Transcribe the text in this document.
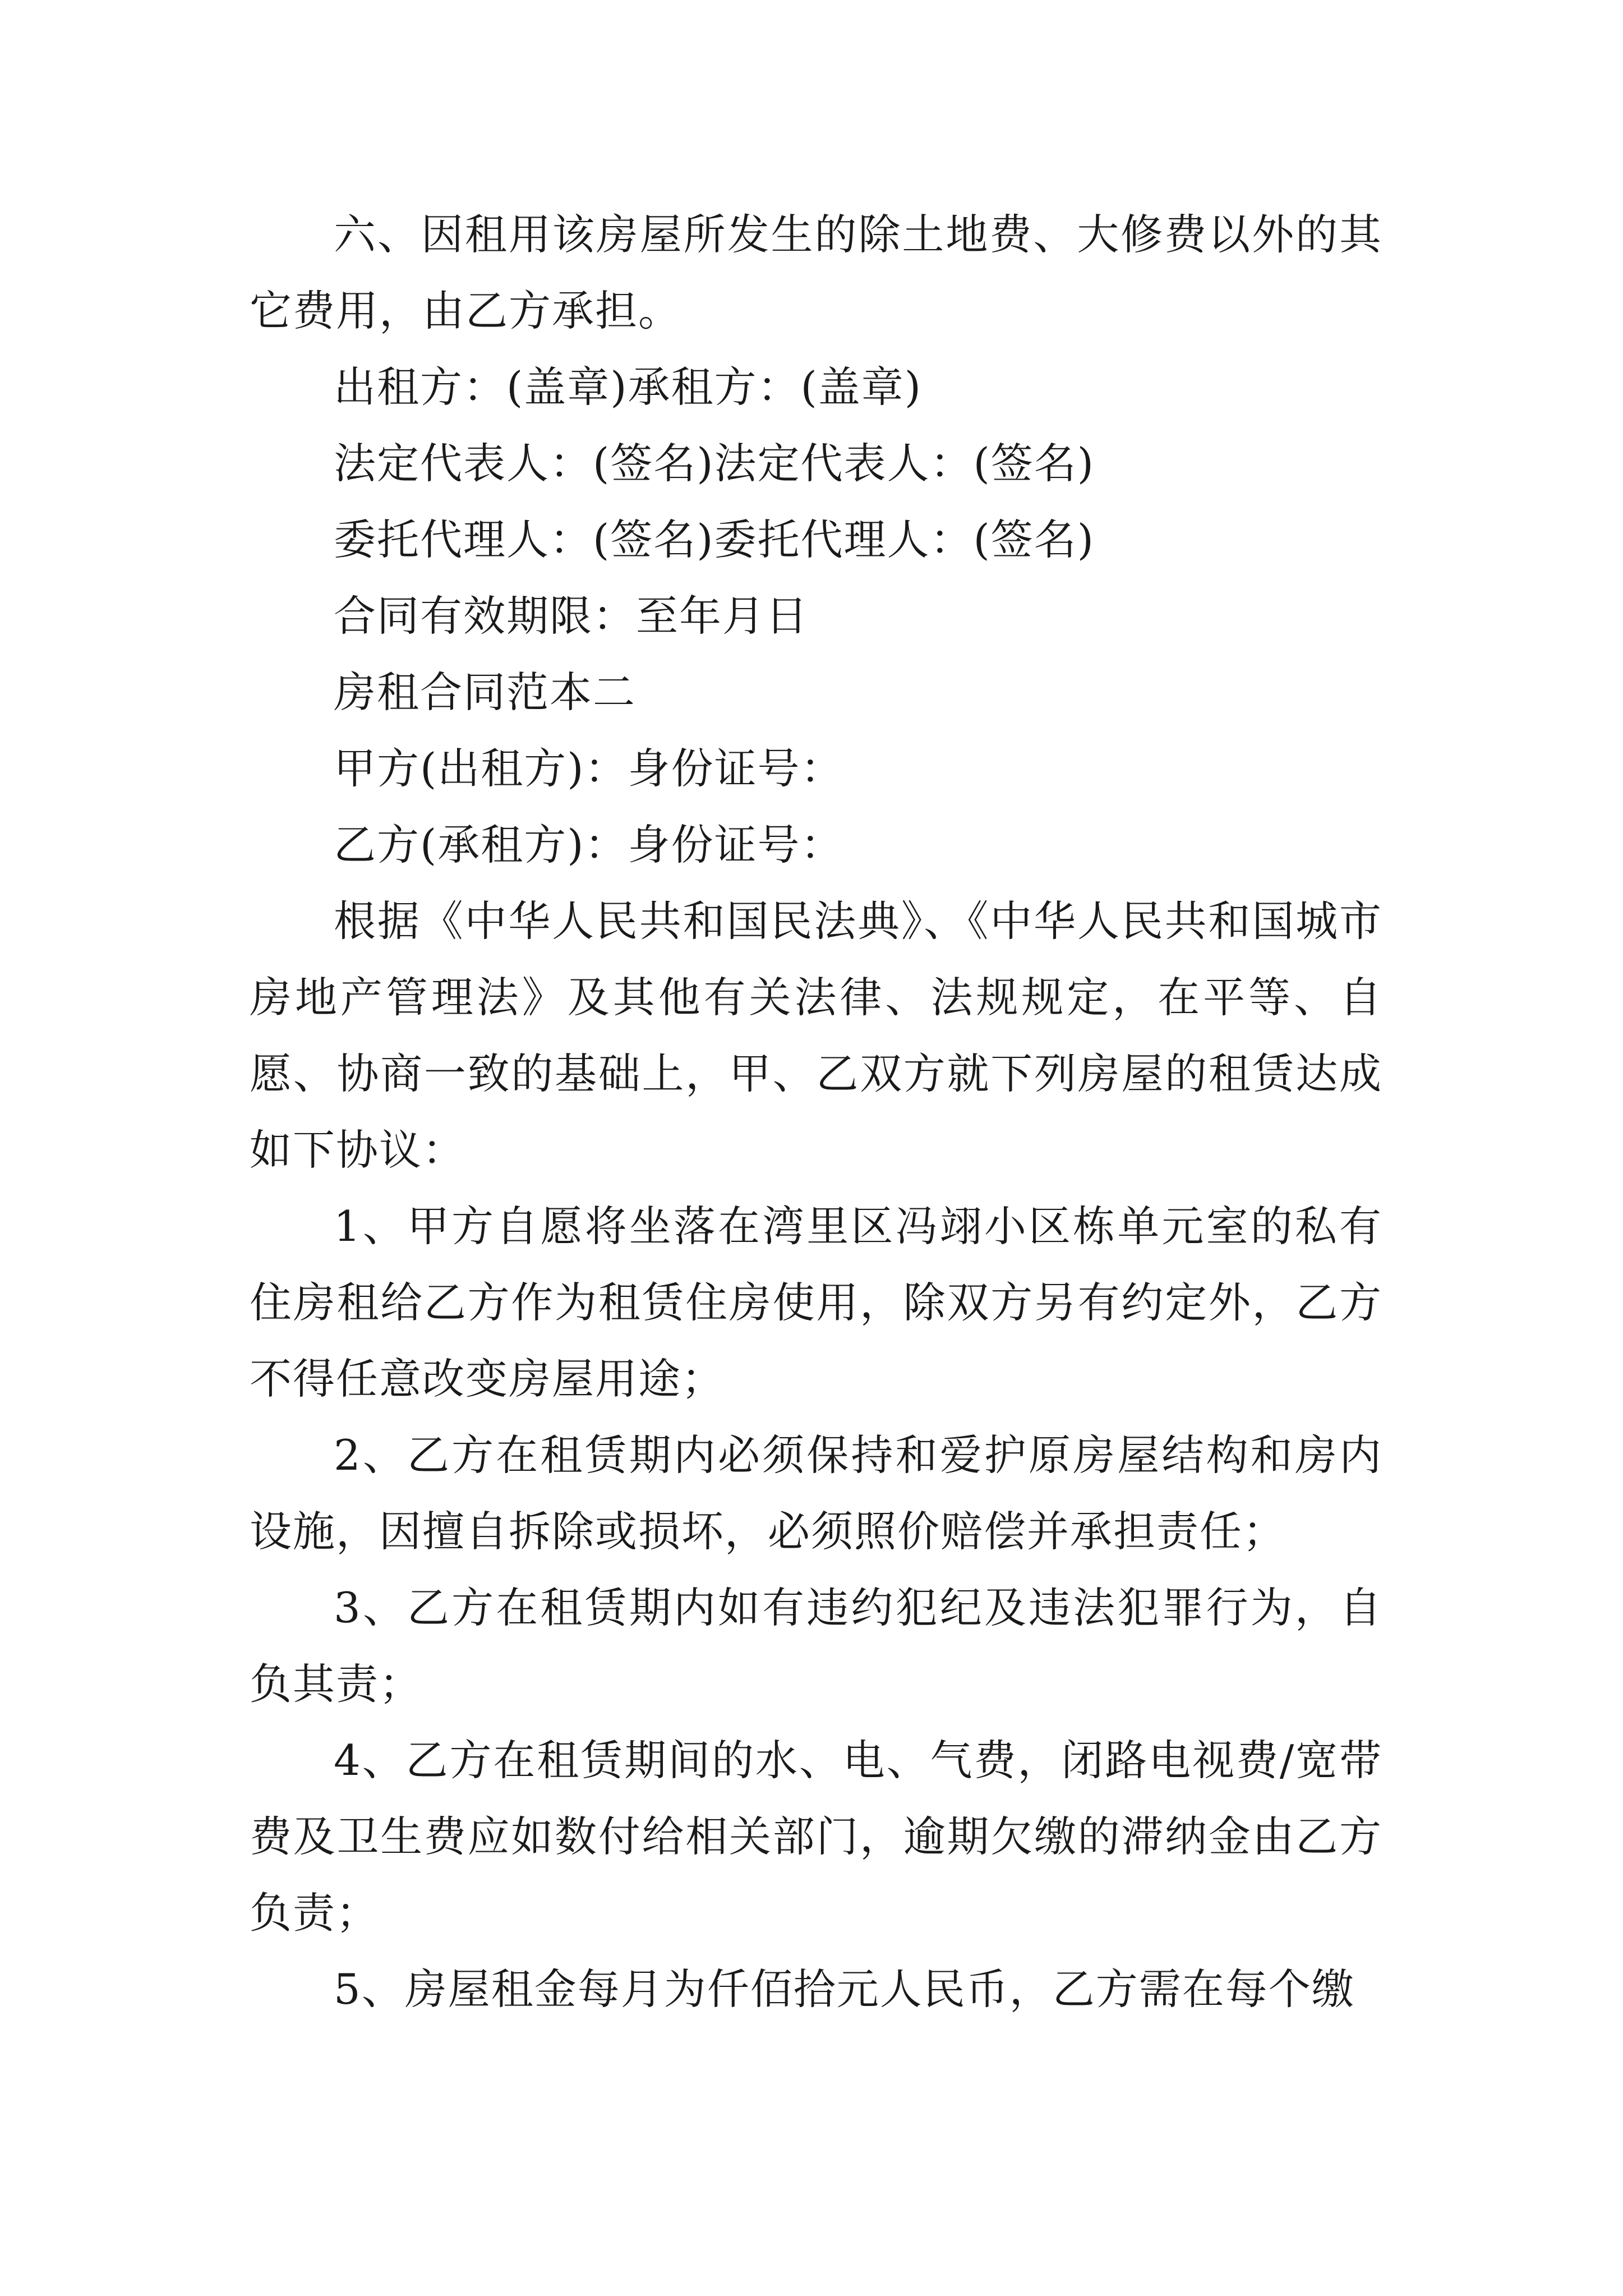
六、因租用该房屋所发生的除土地费、大修费以外的其它费用，由乙方承担。

出租方：(盖章)承租方：(盖章)

法定代表人：(签名)法定代表人：(签名)

委托代理人：(签名)委托代理人：(签名)

合同有效期限：至年月日

房租合同范本二

甲方(出租方)：身份证号：

乙方(承租方)：身份证号：

根据《中华人民共和国民法典》、《中华人民共和国城市房地产管理法》及其他有关法律、法规规定，在平等、自愿、协商一致的基础上，甲、乙双方就下列房屋的租赁达成如下协议：

1、甲方自愿将坐落在湾里区冯翊小区栋单元室的私有住房租给乙方作为租赁住房使用，除双方另有约定外，乙方不得任意改变房屋用途；

2、乙方在租赁期内必须保持和爱护原房屋结构和房内设施，因擅自拆除或损坏，必须照价赔偿并承担责任；

3、乙方在租赁期内如有违约犯纪及违法犯罪行为，自负其责；

4、乙方在租赁期间的水、电、气费，闭路电视费/宽带费及卫生费应如数付给相关部门，逾期欠缴的滞纳金由乙方负责；

5、房屋租金每月为仟佰拾元人民币，乙方需在每个缴
